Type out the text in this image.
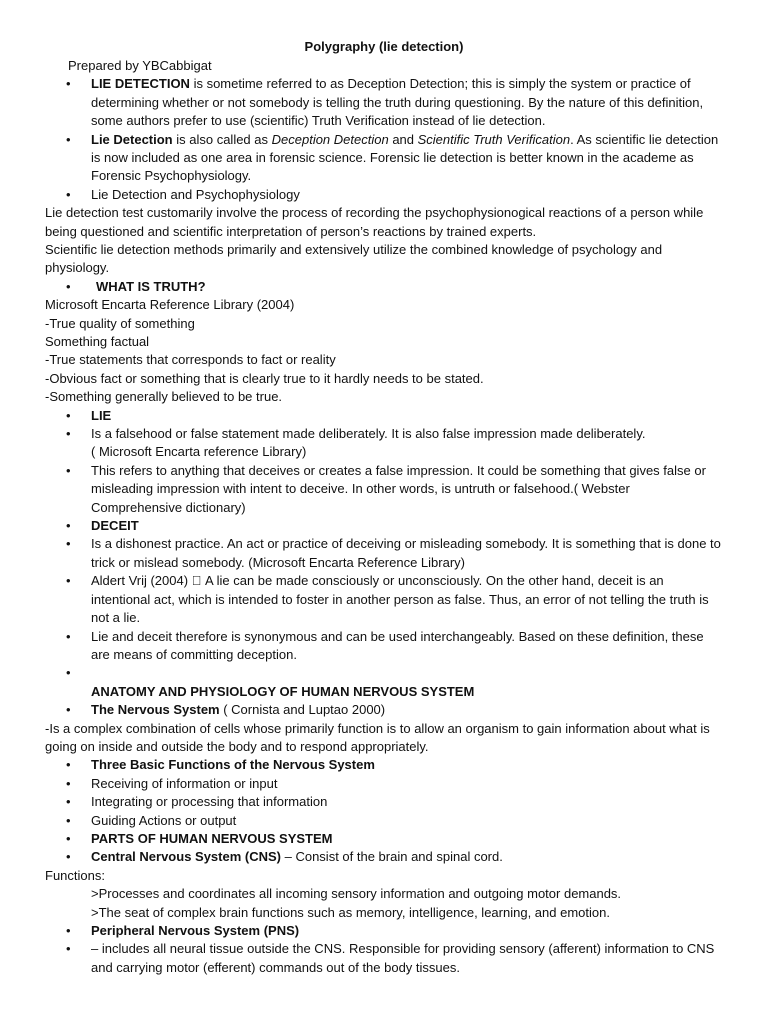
Polygraphy (lie detection)
Prepared by YBCabbigat
• LIE DETECTION is sometime referred to as Deception Detection; this is simply the system or practice of determining whether or not somebody is telling the truth during questioning. By the nature of this definition, some authors prefer to use (scientific) Truth Verification instead of lie detection.
• Lie Detection is also called as Deception Detection and Scientific Truth Verification. As scientific lie detection is now included as one area in forensic science. Forensic lie detection is better known in the academe as Forensic Psychophysiology.
• Lie Detection and Psychophysiology
Lie detection test customarily involve the process of recording the psychophysionogical reactions of a person while being questioned and scientific interpretation of person’s reactions by trained experts.
Scientific lie detection methods primarily and extensively utilize the combined knowledge of psychology and physiology.
• WHAT IS TRUTH?
Microsoft Encarta Reference Library (2004)
-True quality of something
Something factual
-True statements that corresponds to fact or reality
-Obvious fact or something that is clearly true to it hardly needs to be stated.
-Something generally believed to be true.
• LIE
• Is a falsehood or false statement made deliberately. It is also false impression made deliberately.
( Microsoft Encarta reference Library)
• This refers to anything that deceives or creates a false impression. It could be something that gives false or misleading impression with intent to deceive. In other words, is untruth or falsehood.( Webster Comprehensive dictionary)
• DECEIT
• Is a dishonest practice. An act or practice of deceiving or misleading somebody. It is something that is done to trick or mislead somebody. (Microsoft Encarta Reference Library)
• Aldert Vrij (2004) A lie can be made consciously or unconsciously. On the other hand, deceit is an intentional act, which is intended to foster in another person as false. Thus, an error of not telling the truth is not a lie.
• Lie and deceit therefore is synonymous and can be used interchangeably. Based on these definition, these are means of committing deception.
•

ANATOMY AND PHYSIOLOGY OF HUMAN NERVOUS SYSTEM
• The Nervous System ( Cornista and Luptao 2000)
-Is a complex combination of cells whose primarily function is to allow an organism to gain information about what is going on inside and outside the body and to respond appropriately.
• Three Basic Functions of the Nervous System
• Receiving of information or input
• Integrating or processing that information
• Guiding Actions or output
• PARTS OF HUMAN NERVOUS SYSTEM
• Central Nervous System (CNS) – Consist of the brain and spinal cord.
Functions:
>Processes and coordinates all incoming sensory information and outgoing motor demands.
>The seat of complex brain functions such as memory, intelligence, learning, and emotion.
• Peripheral Nervous System (PNS)
• – includes all neural tissue outside the CNS. Responsible for providing sensory (afferent) information to CNS and carrying motor (efferent) commands out of the body tissues.
